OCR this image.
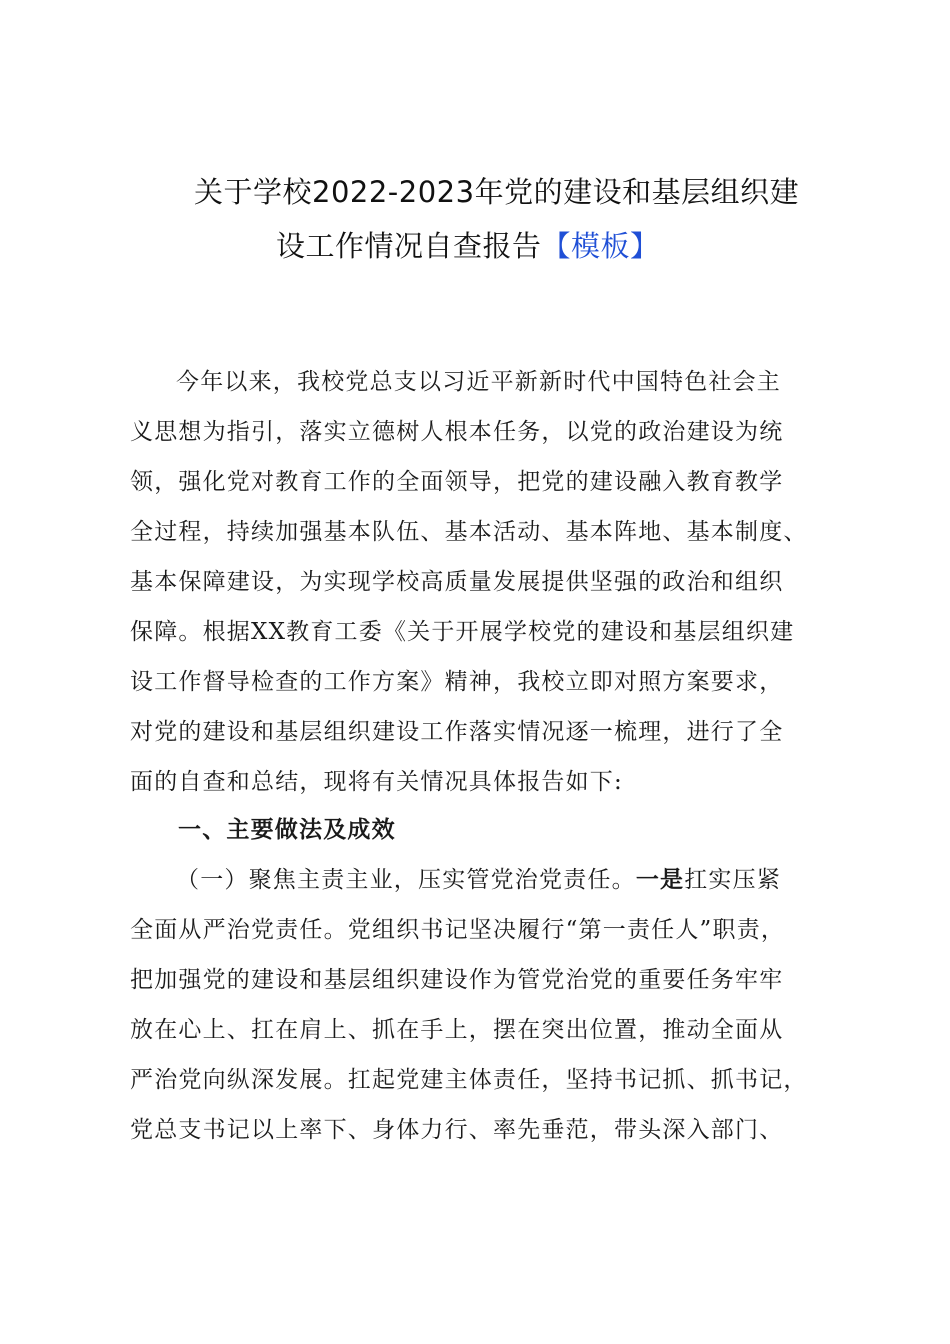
关于学校2022-2023年党的建设和基层组织建
设工作情况自查报告【模板】
今年以来，我校党总支以习近平新新时代中国特色社会主
义思想为指引，落实立德树人根本任务，以党的政治建设为统
领，强化党对教育工作的全面领导，把党的建设融入教育教学
全过程，持续加强基本队伍、基本活动、基本阵地、基本制度、
基本保障建设，为实现学校高质量发展提供坚强的政治和组织
保障。根据XX教育工委《关于开展学校党的建设和基层组织建
设工作督导检查的工作方案》精神，我校立即对照方案要求，
对党的建设和基层组织建设工作落实情况逐一梳理，进行了全
面的自查和总结，现将有关情况具体报告如下:
一、主要做法及成效
（一）聚焦主责主业，压实管党治党责任。一是扛实压紧
全面从严治党责任。党组织书记坚决履行“第一责任人”职责，
把加强党的建设和基层组织建设作为管党治党的重要任务牢牢
放在心上、扛在肩上、抓在手上，摆在突出位置，推动全面从
严治党向纵深发展。扛起党建主体责任，坚持书记抓、抓书记，
党总支书记以上率下、身体力行、率先垂范，带头深入部门、
